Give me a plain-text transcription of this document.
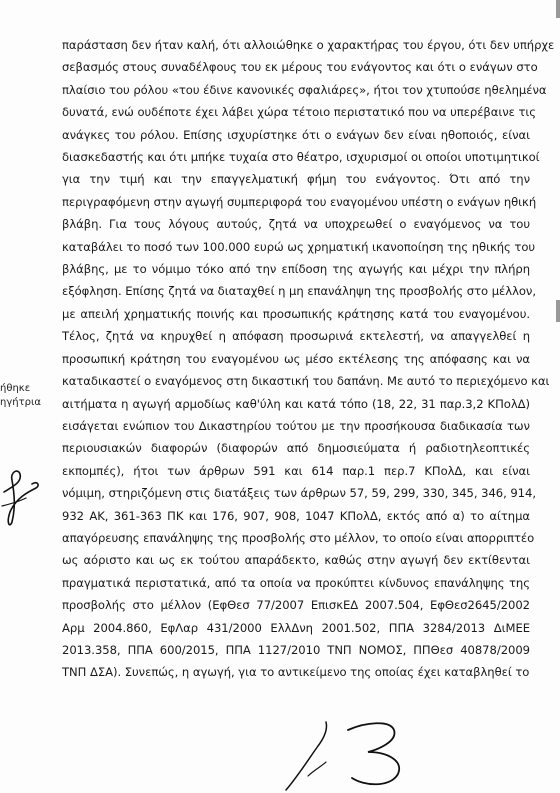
παράσταση δεν ήταν καλή, ότι αλλοιώθηκε ο χαρακτήρας του έργου, ότι δεν υπήρχε
σεβασμός στους συναδέλφους του εκ μέρους του ενάγοντος και ότι ο ενάγων στο
πλαίσιο του ρόλου «του έδινε κανονικές σφαλιάρες», ήτοι τον χτυπούσε ηθελημένα
δυνατά, ενώ ουδέποτε έχει λάβει χώρα τέτοιο περιστατικό που να υπερέβαινε τις
ανάγκες του ρόλου. Επίσης ισχυρίστηκε ότι ο ενάγων δεν είναι ηθοποιός, είναι
διασκεδαστής και ότι μπήκε τυχαία στο θέατρο, ισχυρισμοί οι οποίοι υποτιμητικοί
για την τιμή και την επαγγελματική φήμη του ενάγοντος. Ότι από την
περιγραφόμενη στην αγωγή συμπεριφορά του εναγομένου υπέστη ο ενάγων ηθική
βλάβη. Για τους λόγους αυτούς, ζητά να υποχρεωθεί ο εναγόμενος να του
καταβάλει το ποσό των 100.000 ευρώ ως χρηματική ικανοποίηση της ηθικής του
βλάβης, με το νόμιμο τόκο από την επίδοση της αγωγής και μέχρι την πλήρη
εξόφληση. Επίσης ζητά να διαταχθεί η μη επανάληψη της προσβολής στο μέλλον,
με απειλή χρηματικής ποινής και προσωπικής κράτησης κατά του εναγομένου.
Τέλος, ζητά να κηρυχθεί η απόφαση προσωρινά εκτελεστή, να απαγγελθεί η
προσωπική κράτηση του εναγομένου ως μέσο εκτέλεσης της απόφασης και να
καταδικαστεί ο εναγόμενος στη δικαστική του δαπάνη. Με αυτό το περιεχόμενο και
αιτήματα η αγωγή αρμοδίως καθ'ύλη και κατά τόπο (18, 22, 31 παρ.3,2 ΚΠολΔ)
εισάγεται ενώπιον του Δικαστηρίου τούτου με την προσήκουσα διαδικασία των
περιουσιακών διαφορών (διαφορών από δημοσιεύματα ή ραδιοτηλεοπτικές
εκπομπές), ήτοι των άρθρων 591 και 614 παρ.1 περ.7 ΚΠολΔ, και είναι
νόμιμη, στηριζόμενη στις διατάξεις των άρθρων 57, 59, 299, 330, 345, 346, 914,
932 ΑΚ, 361-363 ΠΚ και 176, 907, 908, 1047 ΚΠολΔ, εκτός από α) το αίτημα
απαγόρευσης επανάληψης της προσβολής στο μέλλον, το οποίο είναι απορριπτέο
ως αόριστο και ως εκ τούτου απαράδεκτο, καθώς στην αγωγή δεν εκτίθενται
πραγματικά περιστατικά, από τα οποία να προκύπτει κίνδυνος επανάληψης της
προσβολής στο μέλλον (ΕφΘεσ 77/2007 ΕπισκΕΔ 2007.504, ΕφΘεσ2645/2002
Αρμ 2004.860, ΕφΛαρ 431/2000 ΕλλΔνη 2001.502, ΠΠΑ 3284/2013 ΔιΜΕΕ
2013.358, ΠΠΑ 600/2015, ΠΠΑ 1127/2010 ΤΝΠ ΝΟΜΟΣ, ΠΠΘεσ 40878/2009
ΤΝΠ ΔΣΑ). Συνεπώς, η αγωγή, για το αντικείμενο της οποίας έχει καταβληθεί το
ήθηκε
ηγήτρια
